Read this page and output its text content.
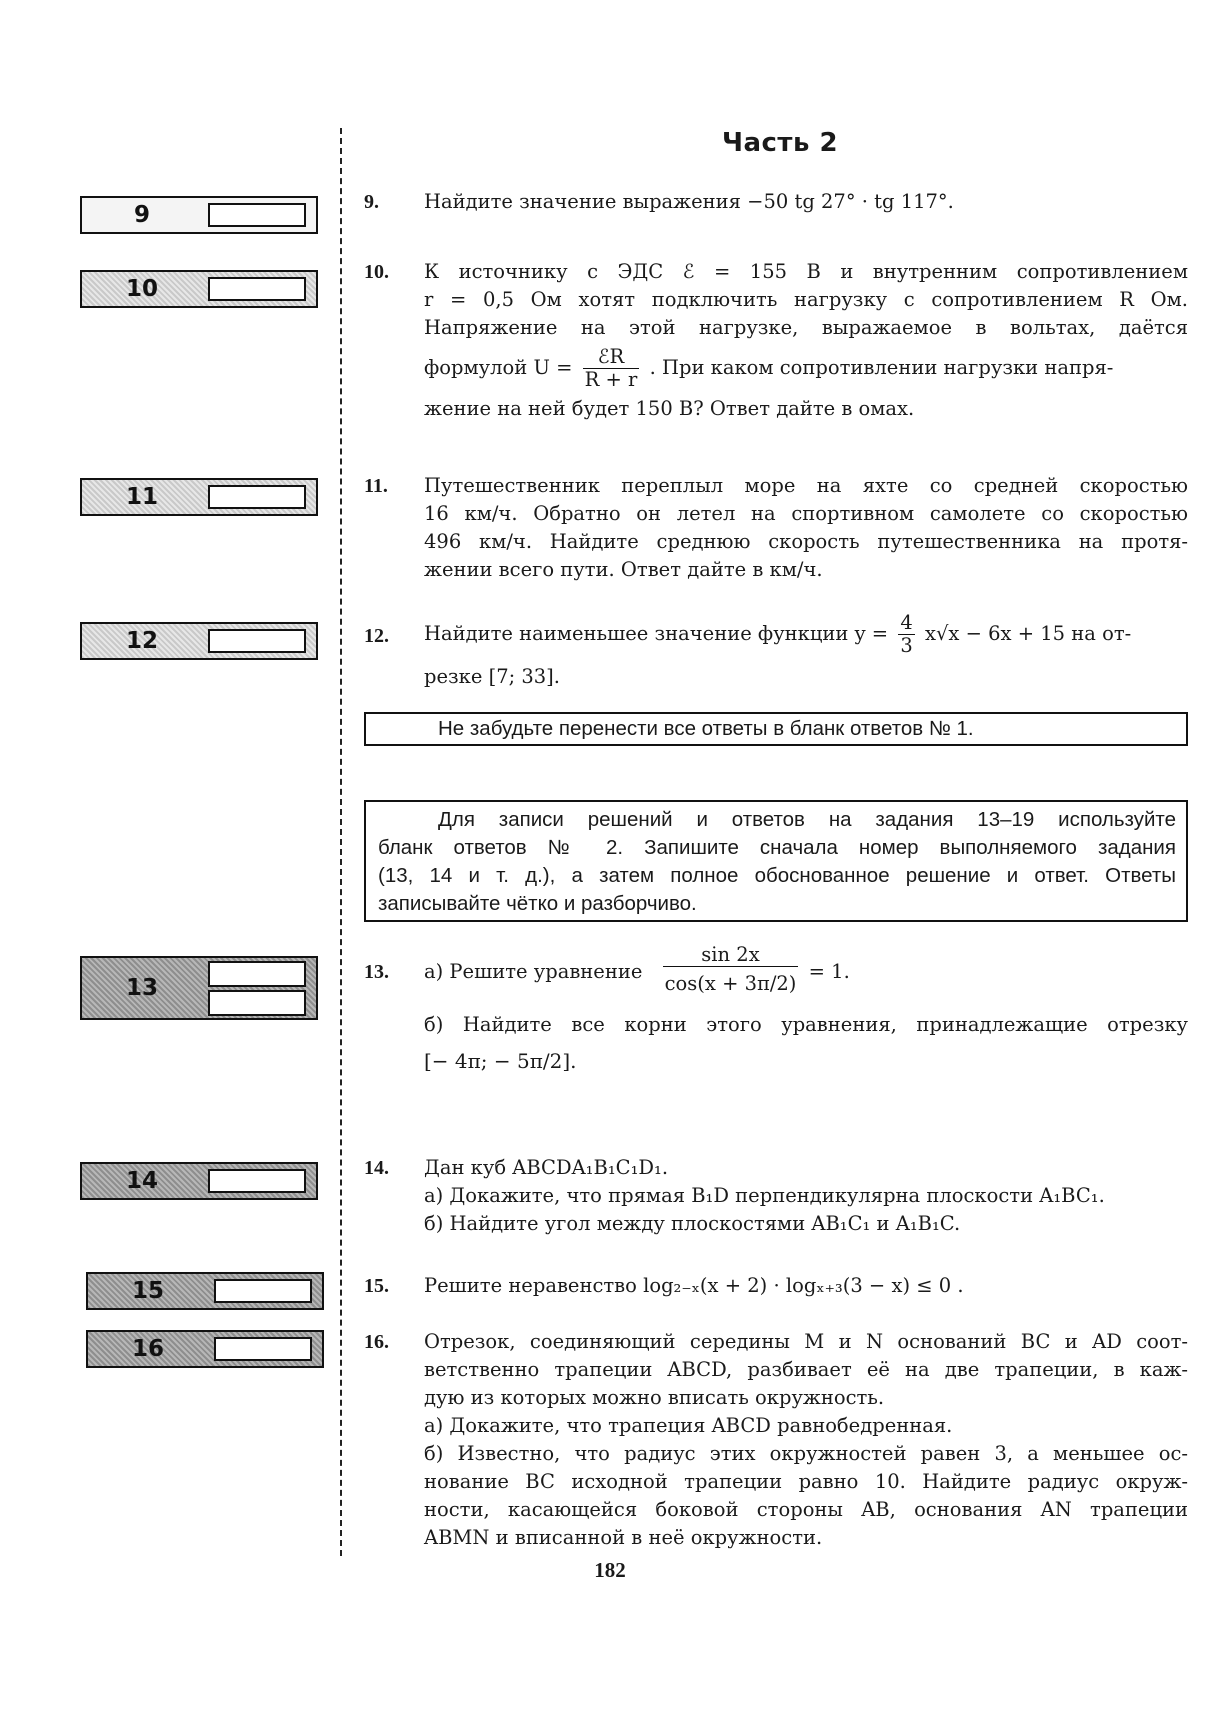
Часть 2
9
10
11
12
13
14
15
16
9. Найдите значение выражения −50 tg 27° · tg 117°.
10. К источнику с ЭДС ℰ = 155 В и внутренним сопротивлением
r = 0,5 Ом хотят подключить нагрузку с сопротивлением R Ом.
Напряжение на этой нагрузке, выражаемое в вольтах, даётся
формулой $U = \frac{\text{ℰR}}{R + r}$ . При каком сопротивлении нагрузки напря-
жение на ней будет 150 В? Ответ дайте в омах.
11. Путешественник переплыл море на яхте со средней скоростью
16 км/ч. Обратно он летел на спортивном самолете со скоростью
496 км/ч. Найдите среднюю скорость путешественника на протя-
жении всего пути. Ответ дайте в км/ч.
12. Найдите наименьшее значение функции $y = \frac{4}{3} x√x - 6x + 15$ на от-
резке [7; 33].
Не забудьте перенести все ответы в бланк ответов № 1.
Для записи решений и ответов на задания 13–19 используйте
бланк ответов № 2. Запишите сначала номер выполняемого задания
(13, 14 и т. д.), а затем полное обоснованное решение и ответ. Ответы
записывайте чётко и разборчиво.
13. а) Решите уравнение $\frac{\sin 2x}{\cos(x + 3\pi/2)} = 1$.
б) Найдите все корни этого уравнения, принадлежащие отрезку
[− 4π; − 5π/2].
14. Дан куб ABCDA₁B₁C₁D₁.
а) Докажите, что прямая B₁D перпендикулярна плоскости A₁BC₁.
б) Найдите угол между плоскостями AB₁C₁ и A₁B₁C.
15. Решите неравенство log₂₋ₓ(x + 2) · logₓ₊₃(3 − x) ≤ 0 .
16. Отрезок, соединяющий середины M и N оснований BC и AD соот-
ветственно трапеции ABCD, разбивает её на две трапеции, в каж-
дую из которых можно вписать окружность.
а) Докажите, что трапеция ABCD равнобедренная.
б) Известно, что радиус этих окружностей равен 3, а меньшее ос-
нование BC исходной трапеции равно 10. Найдите радиус окруж-
ности, касающейся боковой стороны AB, основания AN трапеции
ABMN и вписанной в неё окружности.
182
